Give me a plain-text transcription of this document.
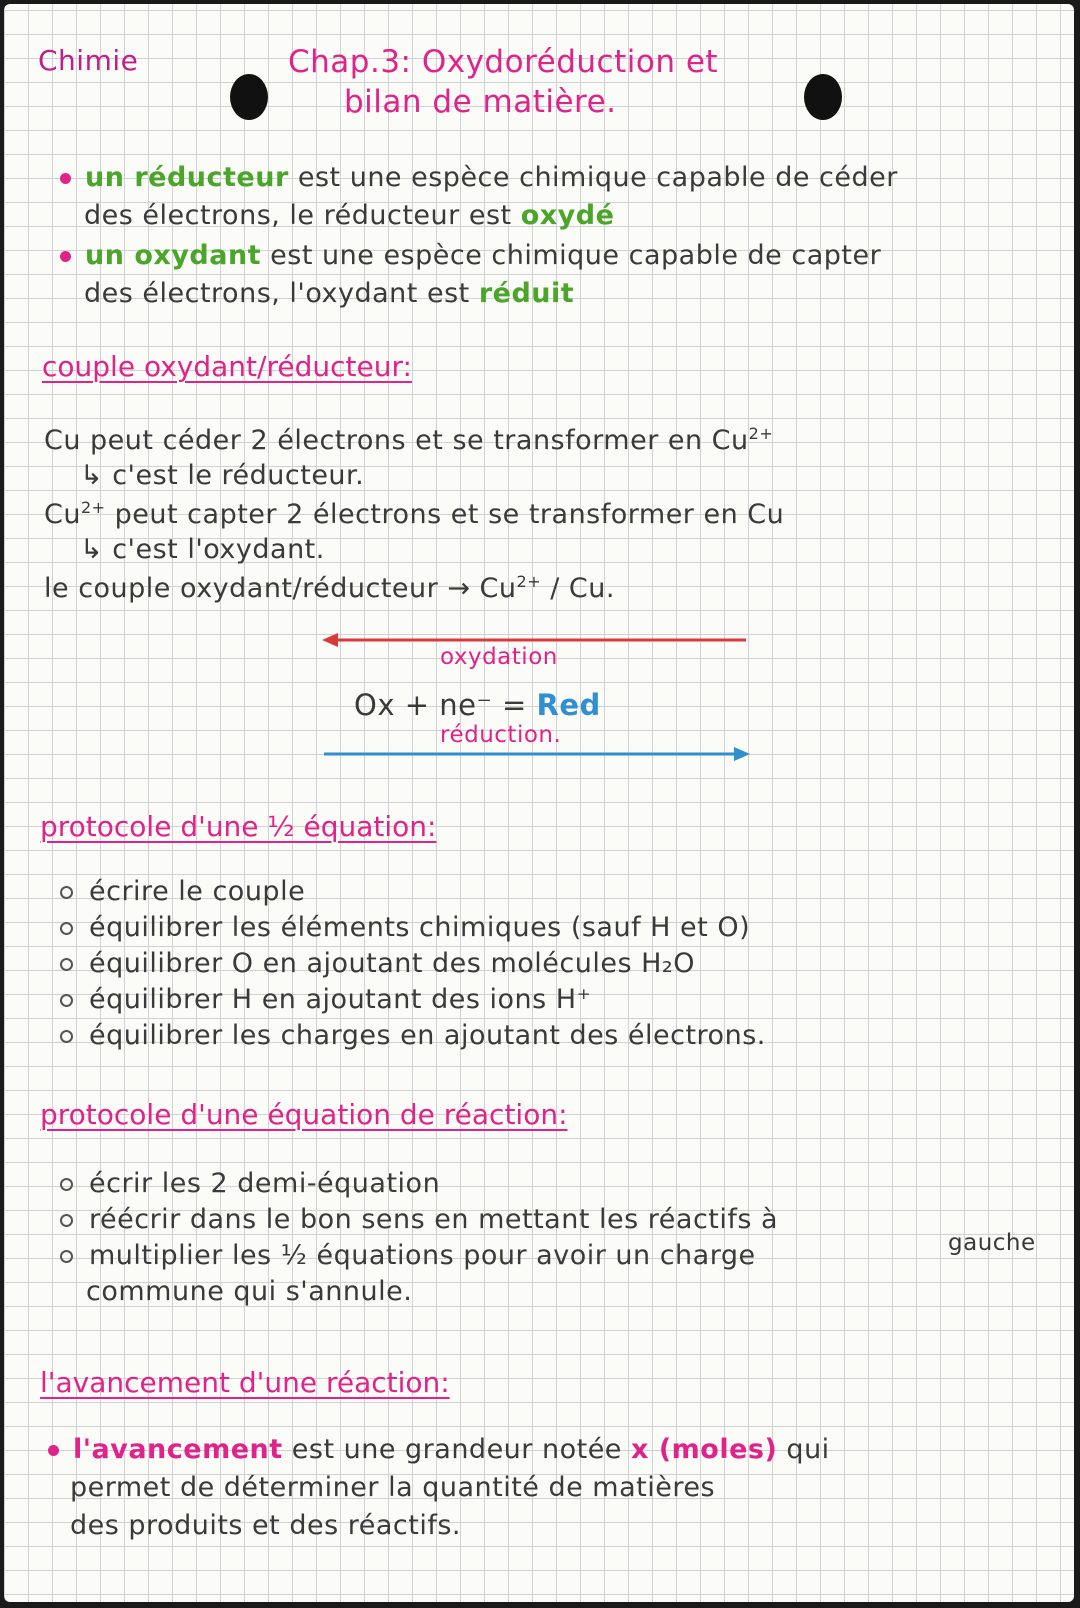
Chimie	Chap.3: Oxydoréduction et
bilan de matière.
un réducteur est une espèce chimique capable de céder
des électrons, le réducteur est oxydé
un oxydant est une espèce chimique capable de capter
des électrons, l'oxydant est réduit
couple oxydant/réducteur:
Cu peut céder 2 électrons et se transformer en $Cu^{2+}$
↳ c'est le réducteur.
$Cu^{2+}$ peut capter 2 électrons et se transformer en Cu
↳ c'est l'oxydant.
le couple oxydant/réducteur → $Cu^{2+}$ / Cu.
oxydation
Ox + ne⁻ = Red
réduction.
protocole d'une ½ équation:
écrire le couple
équilibrer les éléments chimiques (sauf H et O)
équilibrer O en ajoutant des molécules H₂O
équilibrer H en ajoutant des ions H⁺
équilibrer les charges en ajoutant des électrons.
protocole d'une équation de réaction:
écrir les 2 demi-équation
réécrir dans le bon sens en mettant les réactifs à
multiplier les ½ équations pour avoir un charge	gauche
commune qui s'annule.
l'avancement d'une réaction:
l'avancement est une grandeur notée x (moles) qui
permet de déterminer la quantité de matières
des produits et des réactifs.
